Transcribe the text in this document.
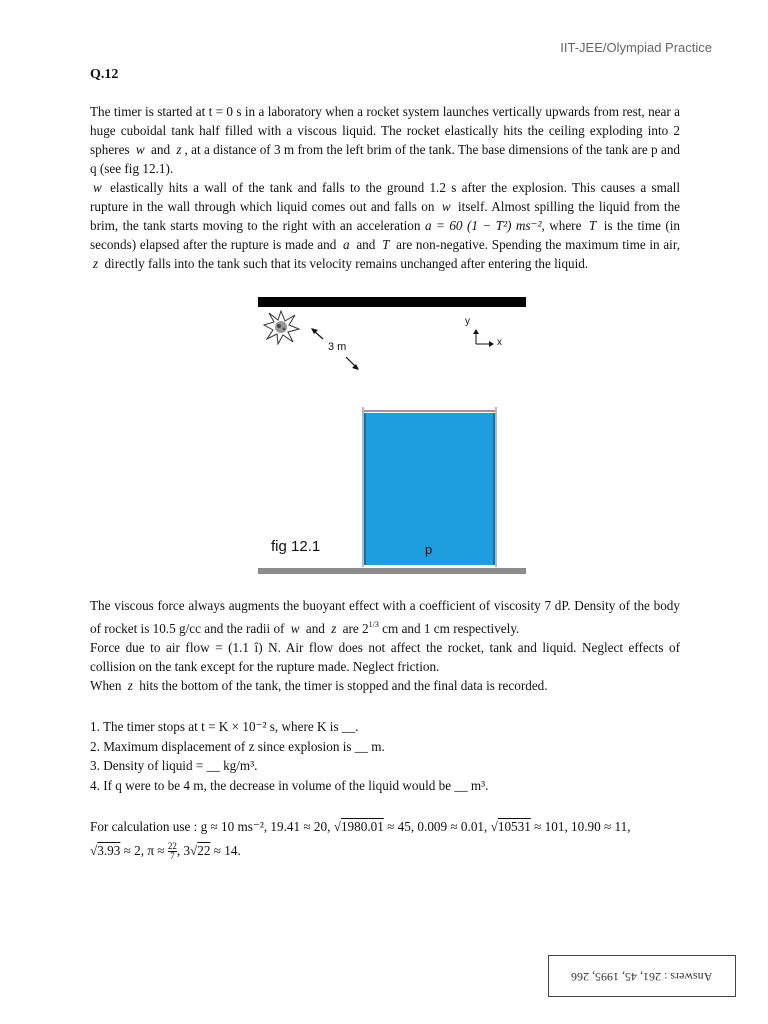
IIT-JEE/Olympiad Practice
Q.12

The timer is started at t = 0 s in a laboratory when a rocket system launches vertically upwards from rest, near a huge cuboidal tank half filled with a viscous liquid. The rocket elastically hits the ceiling exploding into 2 spheres w and z , at a distance of 3 m from the left brim of the tank. The base dimensions of the tank are p and q (see fig 12.1).

w elastically hits a wall of the tank and falls to the ground 1.2 s after the explosion. This causes a small rupture in the wall through which liquid comes out and falls on w itself. Almost spilling the liquid from the brim, the tank starts moving to the right with an acceleration a = 60 (1 − T²) ms⁻², where T is the time (in seconds) elapsed after the rupture is made and a and T are non-negative. Spending the maximum time in air, z directly falls into the tank such that its velocity remains unchanged after entering the liquid.

3 m
y
x
fig 12.1	p

The viscous force always augments the buoyant effect with a coefficient of viscosity 7 dP. Density of the body of rocket is 10.5 g/cc and the radii of w and z are $2^{1/3}$ cm and 1 cm respectively.
Force due to air flow = (1.1 î) N. Air flow does not affect the rocket, tank and liquid. Neglect effects of collision on the tank except for the rupture made. Neglect friction.
When z hits the bottom of the tank, the timer is stopped and the final data is recorded.

1. The timer stops at t = K × 10⁻² s, where K is __.
2. Maximum displacement of z since explosion is __ m.
3. Density of liquid = __ kg/m³.
4. If q were to be 4 m, the decrease in volume of the liquid would be __ m³.
For calculation use : g ≈ 10 ms⁻², 19.41 ≈ 20, √1980.01 ≈ 45, 0.009 ≈ 0.01, √10531 ≈ 101, 10.90 ≈ 11,
√3.93 ≈ 2, $\pi \approx \frac{22}{7}$ , 3√22 ≈ 14.
Answers : 261, 45, 1995, 266
